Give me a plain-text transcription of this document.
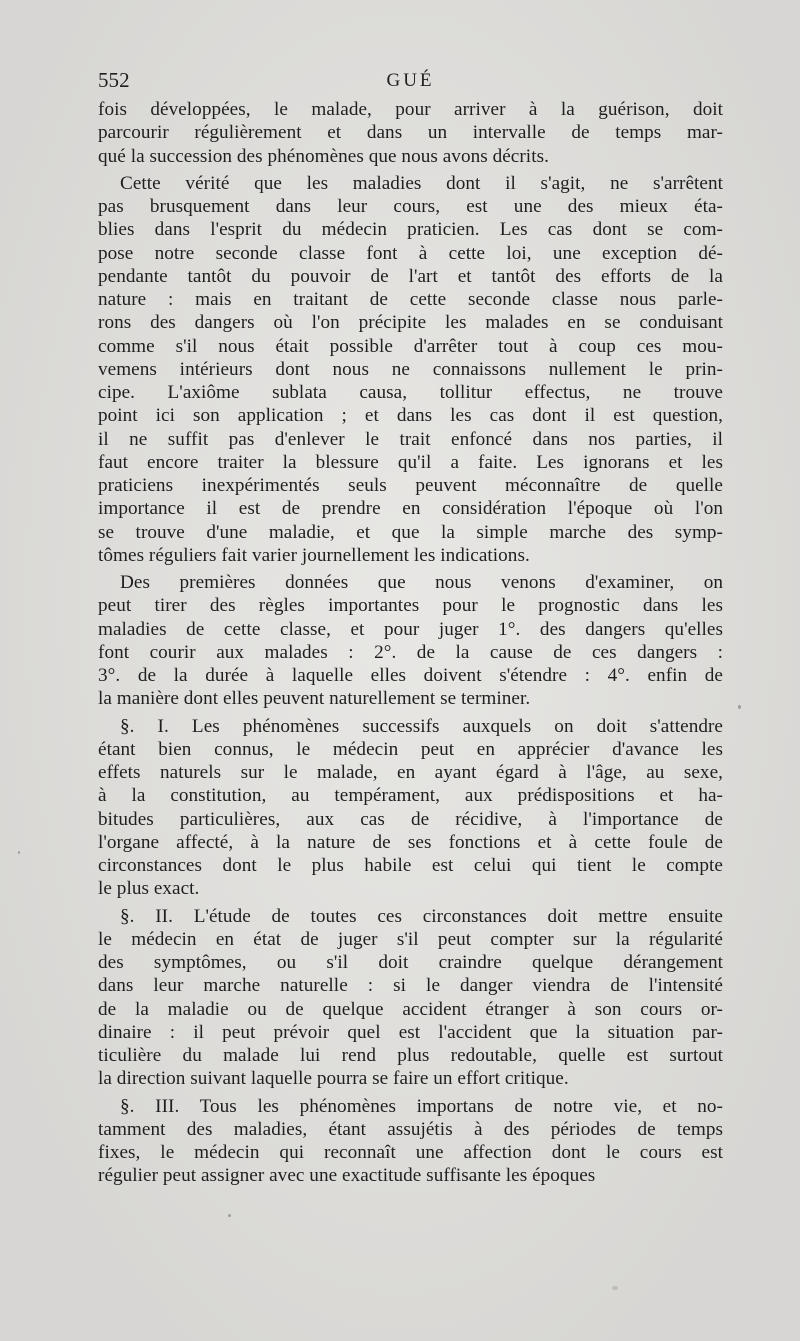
552	GUÉ
fois développées, le malade, pour arriver à la guérison, doit
parcourir régulièrement et dans un intervalle de temps mar-
qué la succession des phénomènes que nous avons décrits.
Cette vérité que les maladies dont il s'agit, ne s'arrêtent
pas brusquement dans leur cours, est une des mieux éta-
blies dans l'esprit du médecin praticien. Les cas dont se com-
pose notre seconde classe font à cette loi, une exception dé-
pendante tantôt du pouvoir de l'art et tantôt des efforts de la
nature : mais en traitant de cette seconde classe nous parle-
rons des dangers où l'on précipite les malades en se conduisant
comme s'il nous était possible d'arrêter tout à coup ces mou-
vemens intérieurs dont nous ne connaissons nullement le prin-
cipe. L'axiôme sublata causa, tollitur effectus, ne trouve
point ici son application ; et dans les cas dont il est question,
il ne suffit pas d'enlever le trait enfoncé dans nos parties, il
faut encore traiter la blessure qu'il a faite. Les ignorans et les
praticiens inexpérimentés seuls peuvent méconnaître de quelle
importance il est de prendre en considération l'époque où l'on
se trouve d'une maladie, et que la simple marche des symp-
tômes réguliers fait varier journellement les indications.
Des premières données que nous venons d'examiner, on
peut tirer des règles importantes pour le prognostic dans les
maladies de cette classe, et pour juger 1°. des dangers qu'elles
font courir aux malades : 2°. de la cause de ces dangers :
3°. de la durée à laquelle elles doivent s'étendre : 4°. enfin de
la manière dont elles peuvent naturellement se terminer.
§. I. Les phénomènes successifs auxquels on doit s'attendre
étant bien connus, le médecin peut en apprécier d'avance les
effets naturels sur le malade, en ayant égard à l'âge, au sexe,
à la constitution, au tempérament, aux prédispositions et ha-
bitudes particulières, aux cas de récidive, à l'importance de
l'organe affecté, à la nature de ses fonctions et à cette foule de
circonstances dont le plus habile est celui qui tient le compte
le plus exact.
§. II. L'étude de toutes ces circonstances doit mettre ensuite
le médecin en état de juger s'il peut compter sur la régularité
des symptômes, ou s'il doit craindre quelque dérangement
dans leur marche naturelle : si le danger viendra de l'intensité
de la maladie ou de quelque accident étranger à son cours or-
dinaire : il peut prévoir quel est l'accident que la situation par-
ticulière du malade lui rend plus redoutable, quelle est surtout
la direction suivant laquelle pourra se faire un effort critique.
§. III. Tous les phénomènes importans de notre vie, et no-
tamment des maladies, étant assujétis à des périodes de temps
fixes, le médecin qui reconnaît une affection dont le cours est
régulier peut assigner avec une exactitude suffisante les époques
